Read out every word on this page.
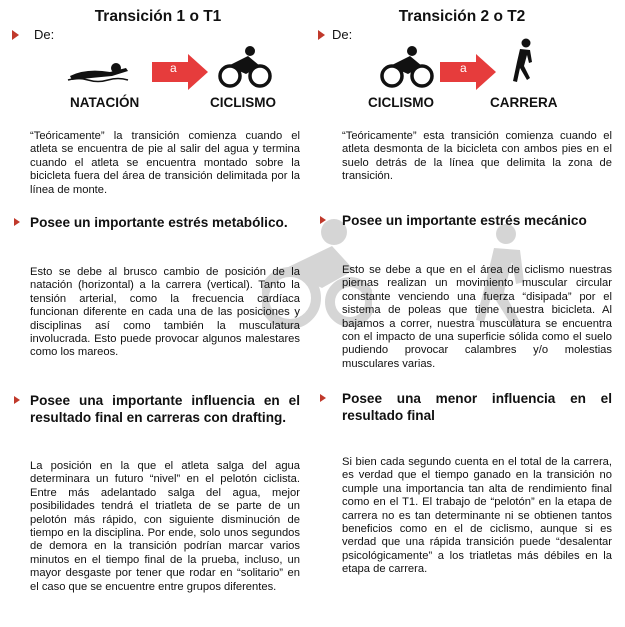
Transición 1 o T1
De:
a
NATACIÓN	CICLISMO
“Teóricamente” la transición comienza cuando el atleta se encuentra de pie al salir del agua y termina cuando el atleta se encuentra montado sobre la bicicleta fuera del área de transición delimitada por la línea de monte.
Posee un importante estrés metabólico.
Esto se debe al brusco cambio de posición de la natación (horizontal) a la carrera (vertical). Tanto la tensión arterial, como la frecuencia cardíaca funcionan diferente en cada una de las posiciones y disciplinas así como también la musculatura involucrada. Esto puede provocar algunos malestares como los mareos.
Posee una importante influencia en el resultado final en carreras con drafting.
La posición en la que el atleta salga del agua determinara un futuro “nivel” en el pelotón ciclista. Entre más adelantado salga del agua, mejor posibilidades tendrá el triatleta de se parte de un pelotón más rápido, con siguiente disminución de tiempo en la disciplina. Por ende, solo unos segundos de demora en la transición podrían marcar varios minutos en el tiempo final de la prueba, incluso, un mayor desgaste por tener que rodar en “solitario” en el caso que se encuentre entre grupos diferentes.
Transición 2 o T2
De:
a
CICLISMO	CARRERA
“Teóricamente” esta transición comienza cuando el atleta desmonta de la bicicleta con ambos pies en el suelo detrás de la línea que delimita la zona de transición.
Posee un importante estrés mecánico
Esto se debe a que en el área de ciclismo nuestras piernas realizan un movimiento muscular circular constante venciendo una fuerza “disipada” por el sistema de poleas que tiene nuestra bicicleta. Al bajamos a correr, nuestra musculatura se encuentra con el impacto de una superficie sólida como el suelo pudiendo provocar calambres y/o molestias musculares varias.
Posee una menor influencia en el resultado final
Si bien cada segundo cuenta en el total de la carrera, es verdad que el tiempo ganado en la transición no cumple una importancia tan alta de rendimiento final como en el T1. El trabajo de “pelotón” en la etapa de carrera no es tan determinante ni se obtienen tantos beneficios como en el de ciclismo, aunque si es verdad que una rápida transición puede “desalentar psicológicamente” a los triatletas más débiles en la etapa de carrera.
